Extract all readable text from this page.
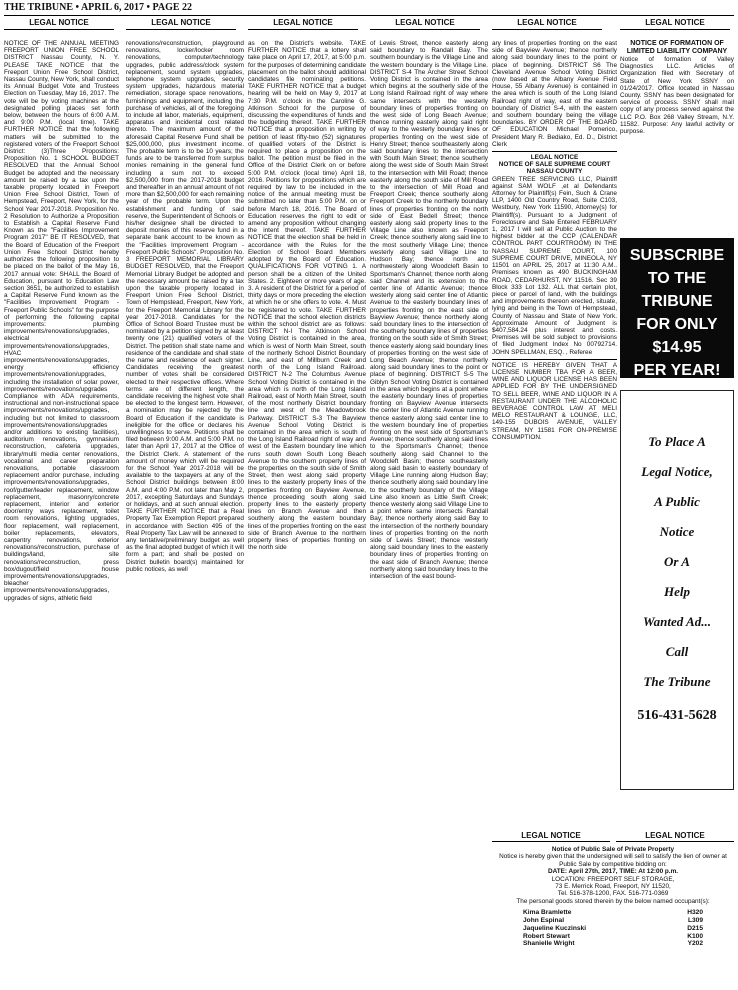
THE TRIBUNE • APRIL 6, 2017 • PAGE 22
LEGAL NOTICE	LEGAL NOTICE	LEGAL NOTICE	LEGAL NOTICE	LEGAL NOTICE	LEGAL NOTICE

NOTICE OF THE ANNUAL MEETING FREEPORT UNION FREE SCHOOL DISTRICT Nassau County, N. Y. PLEASE TAKE NOTICE that the Freeport Union Free School District, Nassau County, New York, shall conduct its Annual Budget Vote and Trustees Election on Tuesday, May 16, 2017. The vote will be by voting machines at the designated polling places set forth below, between the hours of 6:00 A.M. and 9:00 P.M. (local time). TAKE FURTHER NOTICE that the following matters will be submitted to the registered voters of the Freeport School District: (3)Three Propositions: Proposition No. 1 SCHOOL BUDGET RESOLVED that the Annual School Budget be adopted and the necessary amount be raised by a tax upon the taxable property located in Freeport Union Free School District, Town of Hempstead, Freeport, New York, for the School Year 2017-2018. Proposition No. 2 Resolution to Authorize a Proposition to Establish a Capital Reserve Fund Known as the "Facilities Improvement Program 2017" BE IT RESOLVED, that the Board of Education of the Freeport Union Free School District hereby authorizes the following proposition to be placed on the ballot of the May 16, 2017 annual vote: SHALL the Board of Education, pursuant to Education Law section 3651, be authorized to establish a Capital Reserve Fund known as the "Facilities Improvement Program - Freeport Public Schools" for the purpose of performing the following capital improvements: plumbing improvements/renovations/upgrades, electrical improvements/renovations/upgrades, HVAC improvements/renovations/upgrades, energy efficiency improvements/renovation/upgrades, including the installation of solar power, improvements/renovations/upgrades Compliance with ADA requirements, instructional and non-instructional space improvements/renovations/upgrades, including but not limited to classroom improvements/renovations/upgrades and/or additions to existing facilities), auditorium renovations, gymnasium reconstruction, cafeteria upgrades, library/multi media center renovations, vocational and career preparation renovations, portable classroom replacement and/or purchase, including improvements/renovations/upgrades, roof/gutter/leader replacement, window replacement, masonry/concrete replacement, interior and exterior door/entry ways replacement, toilet room renovations, lighting upgrades, floor replacement, wall replacement, boiler replacements, elevators, carpentry renovations, exterior renovations/reconstruction, purchase of buildings/land, site renovations/reconstruction, press box/dugout/field house improvements/renovations/upgrades, bleacher improvements/renovations/upgrades, upgrades of signs, athletic field

renovations/reconstruction, playground renovations, locker/locker room renovations, computer/technology upgrades, public address/clock system replacement, sound system upgrades, telephone system upgrades, security system upgrades, hazardous material remediation, storage space renovations, furnishings and equipment, including the purchase of vehicles, all of the foregoing to include all labor, materials, equipment, apparatus and incidental cost related thereto. The maximum amount of the aforesaid Capital Reserve Fund shall be $25,000,000, plus investment income. The probable term is to be 10 years; the funds are to be transferred from surplus monies remaining in the general fund including a sum not to exceed $2,500,000 from the 2017-2018 budget and thereafter in an annual amount of not more than $2,500,000 for each remaining year of the probable term. Upon the establishment and funding of said reserve, the Superintendent of Schools or his/her designee shall be directed to deposit monies of this reserve fund in a separate bank account to be known as the "Facilities Improvement Program - Freeport Public Schools". Proposition No. 3 FREEPORT MEMORIAL LIBRARY BUDGET RESOLVED, that the Freeport Memorial Library Budget be adopted and the necessary amount be raised by a tax upon the taxable property located in Freeport Union Free School District, Town of Hempstead, Freeport, New York, for the Freeport Memorial Library for the year 2017-2018. Candidates for the Office of School Board Trustee must be nominated by a petition signed by at least twenty one (21) qualified voters of the District. The petition shall state name and residence of the candidate and shall state the name and residence of each signer. Candidates receiving the greatest number of votes shall be considered elected to their respective offices. Where terms are of different length, the candidate receiving the highest vote shall be elected to the longest term. However, a nomination may be rejected by the Board of Education if the candidate is ineligible for the office or declares his unwillingness to serve. Petitions shall be filed between 9:00 A.M. and 5:00 P.M. no later than April 17, 2017 at the Office of the District Clerk. A statement of the amount of money which will be required for the School Year 2017-2018 will be available to the taxpayers at any of the School District buildings between 8:00 A.M. and 4:00 P.M. not later than May 2, 2017, excepting Saturdays and Sundays or holidays, and at such annual election. TAKE FURTHER NOTICE that a Real Property Tax Exemption Report prepared in accordance with Section 495 of the Real Property Tax Law will be annexed to any tentative/preliminary budget as well as the final adopted budget of which it will form a part; and shall be posted on District bulletin board(s) maintained for public notices, as well

as on the District's website. TAKE FURTHER NOTICE that a lottery shall take place on April 17, 2017, at 5:00 p.m. for the purposes of determining candidate placement on the ballot should additional candidates file nominating petitions. TAKE FURTHER NOTICE that a budget hearing will be held on May 9, 2017 at 7:30 P.M. o'clock in the Caroline G. Atkinson School for the purpose of discussing the expenditures of funds and the budgeting thereof. TAKE FURTHER NOTICE that a proposition in writing by petition of least fifty-two (52) signatures of qualified voters of the District is required to place a proposition on the ballot. The petition must be filed in the Office of the District Clerk on or before 5:00 P.M. o'clock (local time) April 18, 2016. Petitions for propositions which are required by law to be included in the notice of the annual meeting must be submitted no later than 5:00 P.M. on or before March 18, 2016. The Board of Education reserves the right to edit or amend any proposition without changing the intent thereof. TAKE FURTHER NOTICE that the election shall be held in accordance with the Rules for the Election of School Board Members adopted by the Board of Education. QUALIFICATIONS FOR VOTING 1. A person shall be a citizen of the United States. 2. Eighteen or more years of age. 3. A resident of the District for a period of thirty days or more preceding the election at which he or she offers to vote. 4. Must be registered to vote. TAKE FURTHER NOTICE that the school election districts within the school district are as follows: DISTRICT N-I The Atkinson School Voting District is contained in the area, which is west of North Main Street, south of the northerly School District Boundary Line, and east of Millburn Creek and north of the Long Island Railroad. DISTRICT N-2 The Columbus Avenue School Voting District is contained in the area which is north of the Long Island Railroad, east of North Main Street, south of the most northerly District boundary line and west of the Meadowbrook Parkway. DISTRICT S-3 The Bayview Avenue School Voting District is contained in the area which is south of the Long Island Railroad right of way and west of the Eastern boundary line which runs south down South Long Beach Avenue to the southern property lines of the properties on the south side of Smith Street, then west along said property lines to the easterly property lines of the properties fronting on Bayview Avenue, thence proceeding south along said property lines to the easterly property lines on Branch Avenue and then southerly along the eastern boundary lines of the properties fronting on the east side of Branch Avenue to the northern property lines of properties fronting on the north side

of Lewis Street, thence easterly along said boundary to Randall Bay. The southern boundary is the Village Line and the western boundary is the Village Line. DISTRICT S-4 The Archer Street School Voting District is contained in the area which begins at the southerly side of the Long Island Railroad right of way where same intersects with the westerly boundary lines of properties fronting on the west side of Long Beach Avenue; thence running easterly along said right of way to the westerly boundary lines or properties fronting on the west side of Henry Street; thence southeasterly along said boundary lines to the intersection with South Main Street; thence southerly along the west side of South Main Street to the intersection with Mill Road; thence easterly along the south side of Mill Road to the intersection of Mill Road and Freeport Creek; thence southerly along Freeport Creek to the northerly boundary lines of properties fronting on the north side of East Bedell Street; thence easterly along said property lines to the Village Line also known as Freeport Creek; thence southerly along said line to the most southerly Village Line; thence westerly along said Village Line to Hudson Bay; thence north and northwesterly along Woodcleft Basin to Sportsman's Channel; thence north along said Channel and its extension to the center line of Atlantic Avenue; thence westerly along said center line of Atlantic Avenue to the easterly boundary lines of properties fronting on the east side of Bayview Avenue; thence northerly along said boundary lines to the intersection of the southerly boundary lines of properties fronting on the south side of Smith Street; thence easterly along said boundary lines of properties fronting on the west side of Long Beach Avenue; thence northerly along said boundary lines to the point or place of beginning. DISTRICT S-5 The Giblyn School Voting District is contained in the area which begins at a point where the easterly boundary lines of properties fronting on Bayview Avenue intersects the center line of Atlantic Avenue running thence easterly along said center line to the western boundary line of properties fronting on the west side of Sportsman's Avenue; thence southerly along said lines to the Sportsman's Channel; thence southerly along said Channel to the Woodcleft Basin; thence southeasterly along said basin to easterly boundary of Village Line running along Hudson Bay; thence southerly along said boundary line to the southerly boundary of the Village Line also known as Little Swift Creek; thence westerly along said Village Line to a point where same intersects Randall Bay; thence northerly along said Bay to the intersection of the northerly boundary lines of properties fronting on the north side of Lewis Street; thence westerly along said boundary lines to the easterly boundary lines of properties fronting on the east side of Branch Avenue; thence northerly along said boundary lines to the intersection of the east bound-

ary lines of properties fronting on the east side of Bayview Avenue; thence northerly along said boundary lines to the point or place of beginning. DISTRICT S6 The Cleveland Avenue School Voting District (now based at the Albany Avenue Field House, 55 Albany Avenue) is contained in the area which is south of the Long Island Railroad right of way, east of the eastern boundary of District S-4, with the eastern and southern boundary being the village boundaries. BY ORDER OF THE BOARD OF EDUCATION Michael Pomerico, President Mary R. Bediako, Ed. D., District Clerk

LEGAL NOTICE
NOTICE OF SALE SUPREME COURT NASSAU COUNTY

GREEN TREE SERVICING LLC, Plaintiff against SAM WOLF ,et al Defendants Attorney for Plaintiff(s) Fein, Such & Crane LLP, 1400 Old Country Road, Suite C103, Westbury, New York 11590, Attorney(s) for Plaintiff(s). Pursuant to a Judgment of Foreclosure and Sale Entered FEBRUARY 1, 2017 I will sell at Public Auction to the highest bidder at the CCP (CALENDAR CONTROL PART COURTROOM) IN THE NASSAU SUPREME COURT, 100 SUPREME COURT DRIVE, MINEOLA, NY 11501 on APRIL 25, 2017 at 11:30 A.M.. Premises known as 490 BUCKINGHAM ROAD, CEDARHURST, NY 11516. Sec 39 Block 333 Lot 132. ALL that certain plot, piece or parcel of land, with the buildings and improvements thereon erected, situate, lying and being in the Town of Hempstead, County of Nassau and State of New York. Approximate Amount of Judgment is $407,584.24 plus interest and costs. Premises will be sold subject to provisions of filed Judgment Index No 00792714. JOHN SPELLMAN, ESQ. , Referee

NOTICE IS HEREBY GIVEN THAT A LICENSE NUMBER TBA FOR A BEER, WINE AND LIQUOR LICENSE HAS BEEN APPLIED FOR BY THE UNDERSIGNED TO SELL BEER, WINE AND LIQUOR IN A RESTAURANT UNDER THE ALCOHOLIC BEVERAGE CONTROL LAW AT MELI MELO RESTAURANT & LOUNGE, LLC, 149-155 DUBOIS AVENUE, VALLEY STREAM, NY 11581 FOR ON-PREMISE CONSUMPTION.

NOTICE OF FORMATION OF LIMITED LIABILITY COMPANY

Notice of formation of Valley Diagnostics LLC. Articles of Organization filed with Secretary of State of New York SSNY on 01/24/2017. Office located in Nassau County. SSNY has been designated for service of process. SSNY shall mail copy of any process served against the LLC P.O. Box 268 Valley Stream, N.Y. 11582. Purpose: Any lawful activity or purpose.

SUBSCRIBE
TO THE
TRIBUNE
FOR ONLY
$14.95
PER YEAR!
To Place A
Legal Notice,
A Public
Notice
Or A
Help
Wanted Ad...
Call
The Tribune
516-431-5628
LEGAL NOTICE	LEGAL NOTICE
Notice of Public Sale of Private Property
Notice is hereby given that the undersigned will sell to satisfy the lien of owner at Public Sale by competitive bidding on:
DATE: April 27th, 2017, TIME: At 12:00 p.m.
LOCATION: FREEPORT SELF STORAGE,
73 E. Merrick Road, Freeport, NY 11520,
Tel. 516-378-1200, FAX. 516-771-0369
The personal goods stored therein by the below named occupant(s):
Kima Bramlette	H320
John Espinal	L309
Jaqueline Kuczinski	D215
Robert Stewart	K100
Shanielle Wright	Y202
